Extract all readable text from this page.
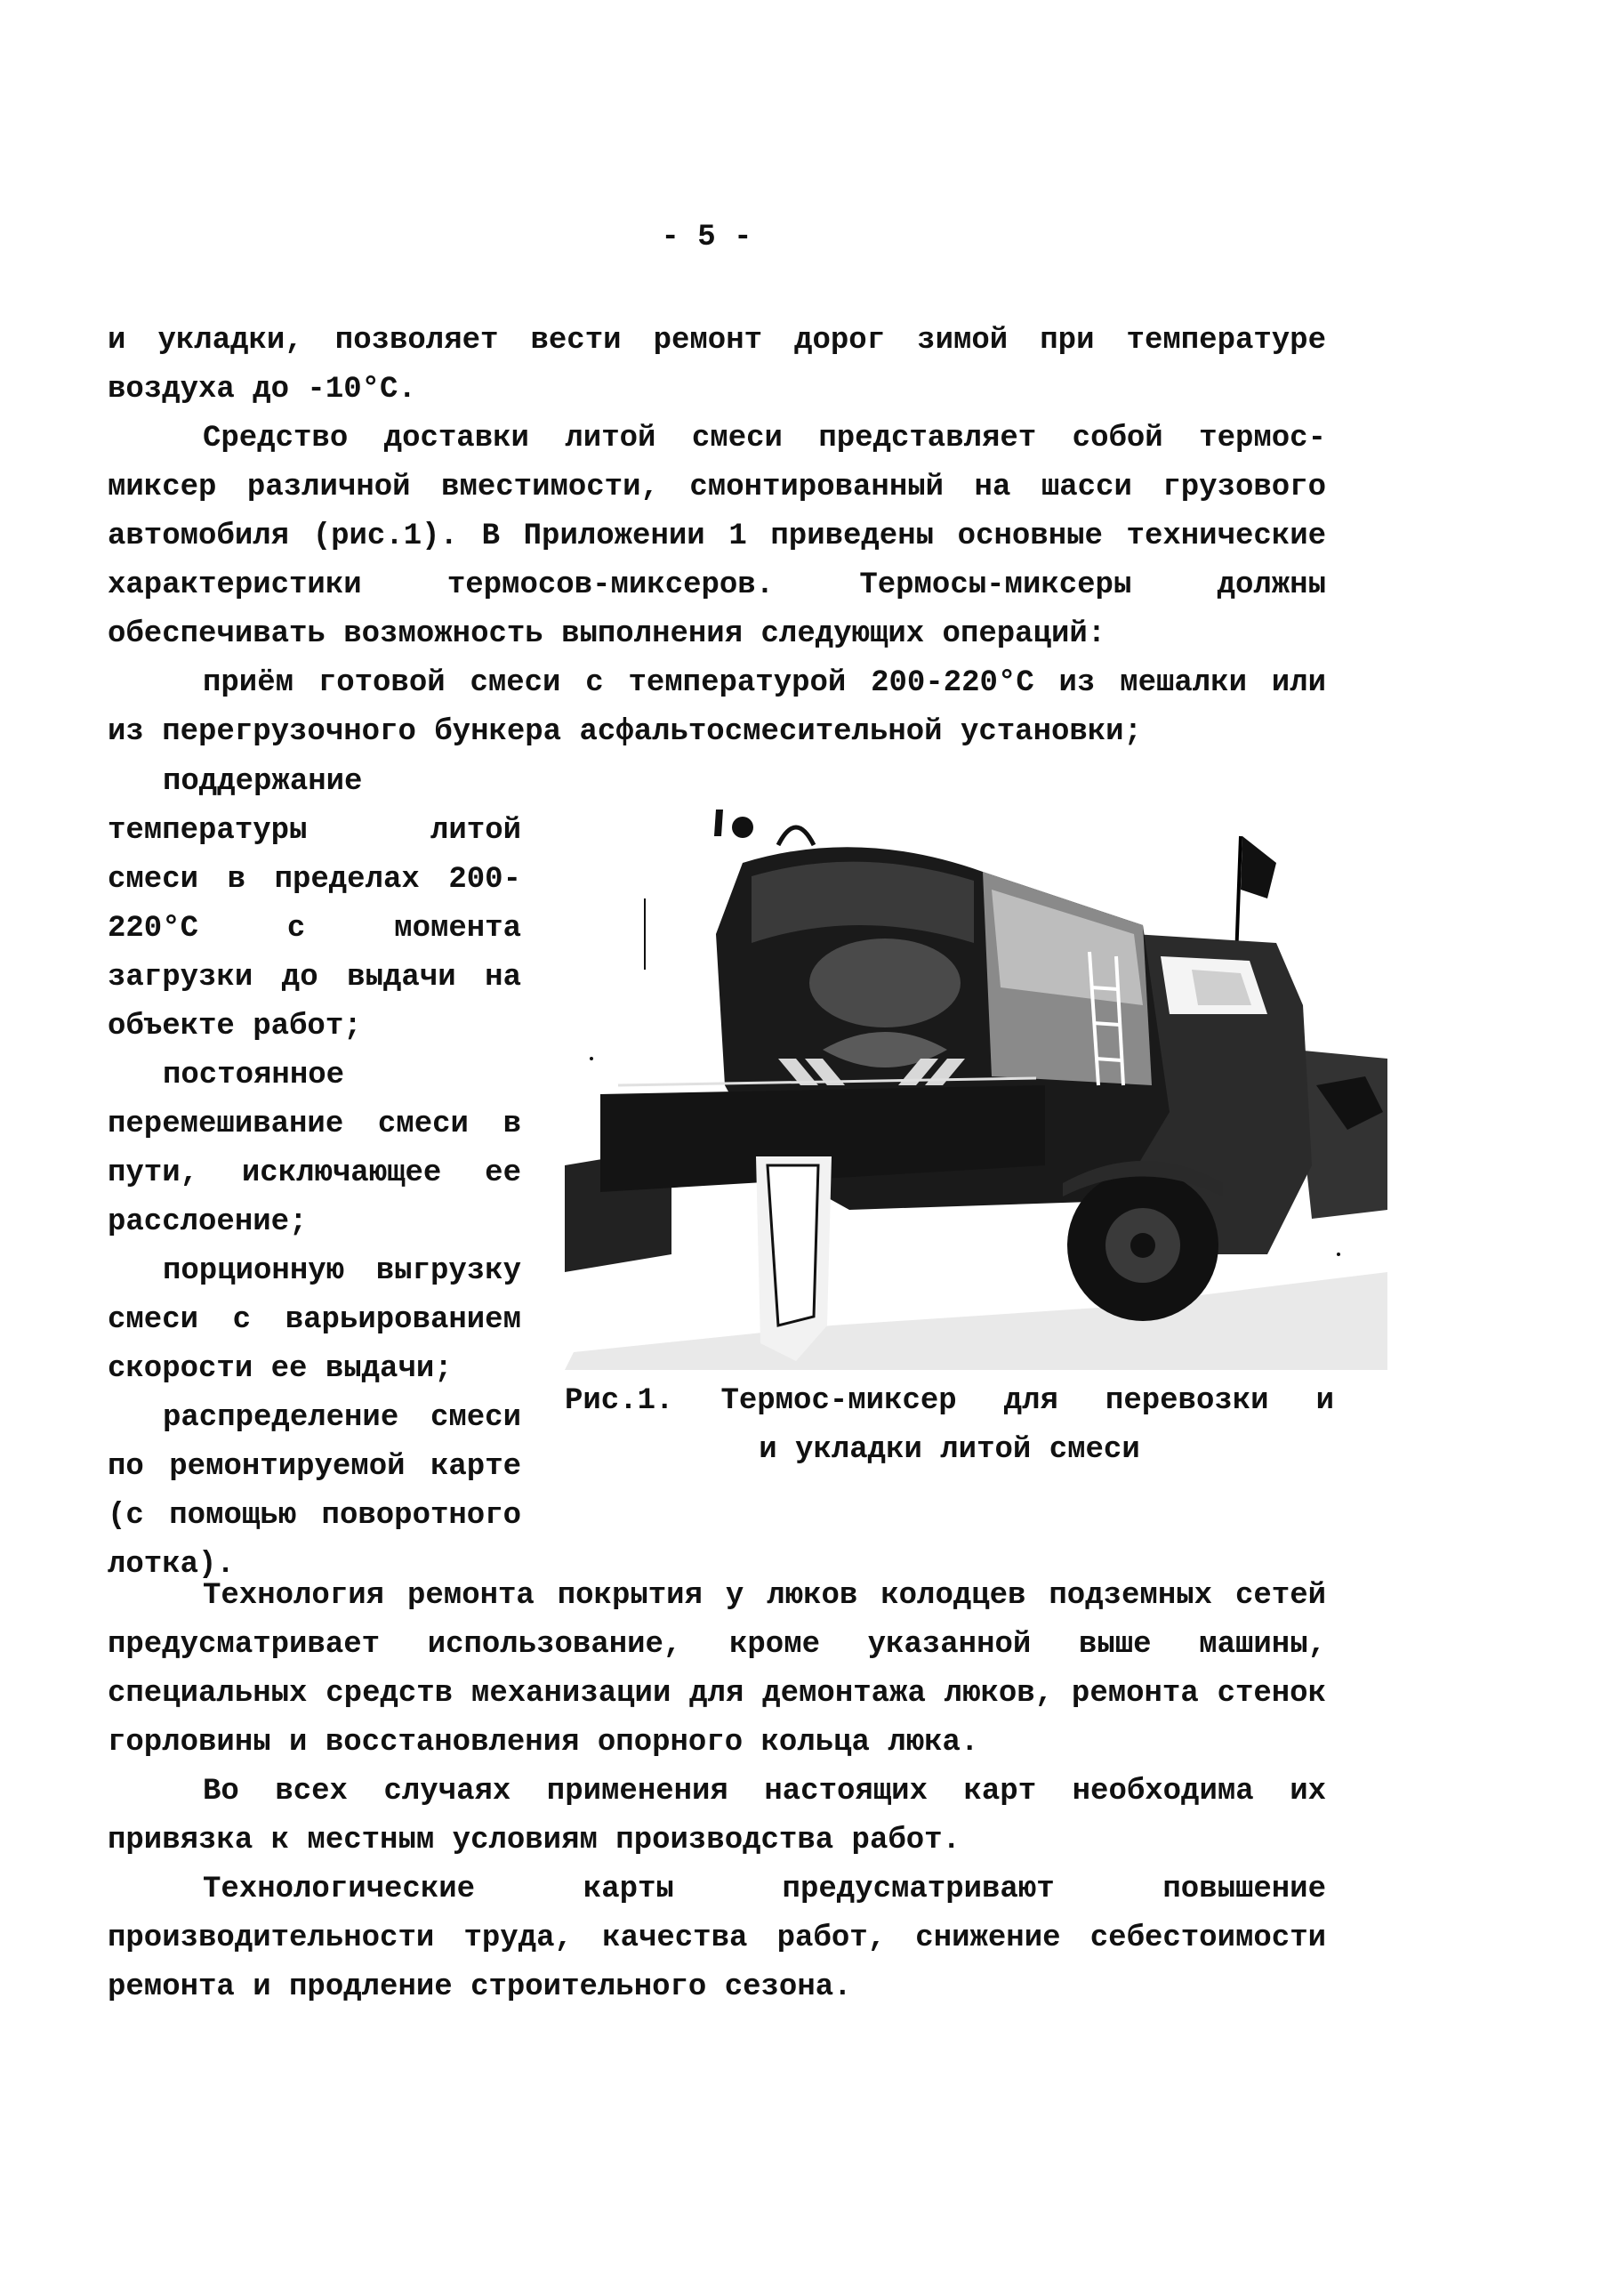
- 5 -

и укладки, позволяет вести ремонт дорог зимой при температуре воздуха до -10°С.

Средство доставки литой смеси представляет собой термос-миксер различной вместимости, смонтированный на шасси грузового автомобиля (рис.1). В Приложении 1 приведены основные технические характеристики термосов-миксеров. Термосы-миксеры должны обеспечивать возможность выполнения следующих операций:

приём готовой смеси с температурой 200-220°С из мешалки или из перегрузочного бункера асфальтосмесительной установки;

поддержание температуры литой смеси в пределах 200-220°С с момента загрузки до выдачи на объекте работ;

постоянное перемешивание смеси в пути, исключающее ее расслоение;

порционную выгрузку смеси с варьированием скорости ее выдачи;

распределение смеси по ремонтируемой карте (с помощью поворотного лотка).

Рис.1. Термос-миксер для перевозки и
и укладки литой смеси

Технология ремонта покрытия у люков колодцев подземных сетей предусматривает использование, кроме указанной выше машины, специальных средств механизации для демонтажа люков, ремонта стенок горловины и восстановления опорного кольца люка.

Во всех случаях применения настоящих карт необходима их привязка к местным условиям производства работ.

Технологические карты предусматривают повышение производительности труда, качества работ, снижение себестоимости ремонта и продление строительного сезона.
